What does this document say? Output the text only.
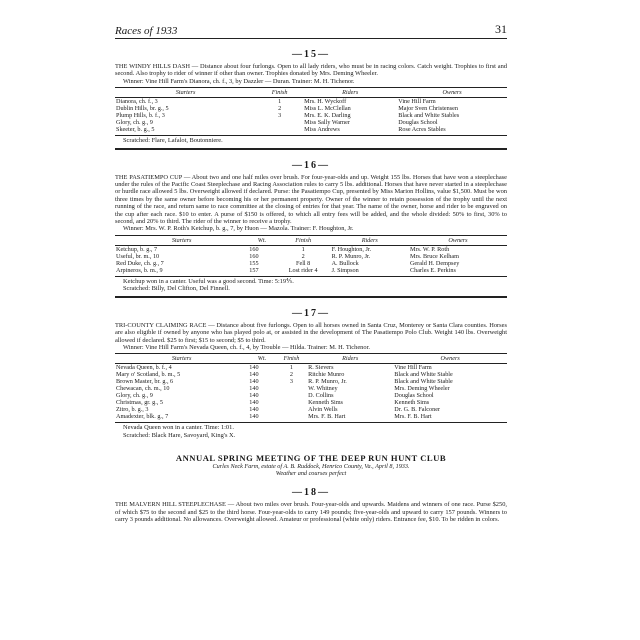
Races of 1933	31
—15—

THE WINDY HILLS DASH — Distance about four furlongs. Open to all lady riders, who must be in racing colors. Catch weight. Trophies to first and second. Also trophy to rider of winner if other than owner. Trophies donated by Mrs. Deming Wheeler.

Winner: Vine Hill Farm's Dianora, ch. f., 3, by Dazzler — Duran. Trainer: M. H. Tichenor.

Starters	Finish	Riders	Owners
Dianora, ch. f., 3	1	Mrs. H. Wyckoff	Vine Hill Farm
Dublin Hills, br. g., 5	2	Miss L. McClellan	Major Sven Christensen
Plump Hills, b. f., 3	3	Mrs. E. K. Darling	Black and White Stables
Glory, ch. g., 9		Miss Sally Warner	Douglas School
Skeeter, b. g., 5		Miss Andrews	Rose Acres Stables
Scratched: Flare, Lafalot, Boutonniere.
—16—

THE PASATIEMPO CUP — About two and one half miles over brush. For four-year-olds and up. Weight 155 lbs. Horses that have won a steeplechase under the rules of the Pacific Coast Steeplechase and Racing Association rules to carry 5 lbs. additional. Horses that have never started in a steeplechase or hurdle race allowed 5 lbs. Overweight allowed if declared. Purse: the Pasatiempo Cup, presented by Miss Marion Hollins, value $1,500. Must be won three times by the same owner before becoming his or her permanent property. Owner of the winner to retain possession of the trophy until the next running of the race, and return same to race committee at the closing of entries for that year. The name of the owner, horse and rider to be engraved on the cup after each race. $10 to enter. A purse of $150 is offered, to which all entry fees will be added, and the whole divided: 50% to first, 30% to second, and 20% to third. The rider of the winner to receive a trophy.

Winner: Mrs. W. P. Roth's Ketchup, b. g., 7, by Huon — Mazola. Trainer: F. Houghton, Jr.

Starters	Wt.	Finish	Riders	Owners
Ketchup, b. g., 7	160	1	F. Houghton, Jr.	Mrs. W. P. Roth
Useful, br. m., 10	160	2	R. P. Munro, Jr.	Mrs. Bruce Kelham
Red Duke, ch. g., 7	155	Fell 8	A. Bullock	Gerald H. Dempsey
Arpineros, b. m., 9	157	Lost rider 4	J. Simpson	Charles E. Perkins
Ketchup won in a canter. Useful was a good second. Time: 5:19⅘.
Scratched: Billy, Del Clifton, Del Finnell.
—17—

TRI-COUNTY CLAIMING RACE — Distance about five furlongs. Open to all horses owned in Santa Cruz, Monterey or Santa Clara counties. Horses are also eligible if owned by anyone who has played polo at, or assisted in the development of The Pasatiempo Polo Club. Weight 140 lbs. Overweight allowed if declared. $25 to first; $15 to second; $5 to third.

Winner: Vine Hill Farm's Nevada Queen, ch. f., 4, by Trouble — Hilda. Trainer: M. H. Tichenor.

Starters	Wt.	Finish	Riders	Owners
Nevada Queen, b. f., 4	140	1	R. Sievers	Vine Hill Farm
Mary o' Scotland, b. m., 5	140	2	Ritchie Munro	Black and White Stable
Brown Master, br. g., 6	140	3	R. P. Munro, Jr.	Black and White Stable
Chewacan, ch. m., 10	140		W. Whitney	Mrs. Deming Wheeler
Glory, ch. g., 9	140		D. Collins	Douglas School
Christmas, gr. g., 5	140		Kenneth Sims	Kenneth Sims
Zitro, b. g., 3	140		Alvin Wells	Dr. G. B. Falconer
Amadexter, blk. g., 7	140		Mrs. F. B. Hart	Mrs. F. B. Hart
Nevada Queen won in a canter. Time: 1:01.
Scratched: Black Hare, Savoyard, King's X.
ANNUAL SPRING MEETING OF THE DEEP RUN HUNT CLUB
Curles Neck Farm, estate of A. B. Ruddock, Henrico County, Va., April 8, 1933.
Weather and courses perfect
—18—

THE MALVERN HILL STEEPLECHASE — About two miles over brush. Four-year-olds and upwards. Maidens and winners of one race. Purse $250, of which $75 to the second and $25 to the third horse. Four-year-olds to carry 149 pounds; five-year-olds and upward to carry 157 pounds. Winners to carry 3 pounds additional. No allowances. Overweight allowed. Amateur or professional (white only) riders. Entrance fee, $10. To be ridden in colors.
